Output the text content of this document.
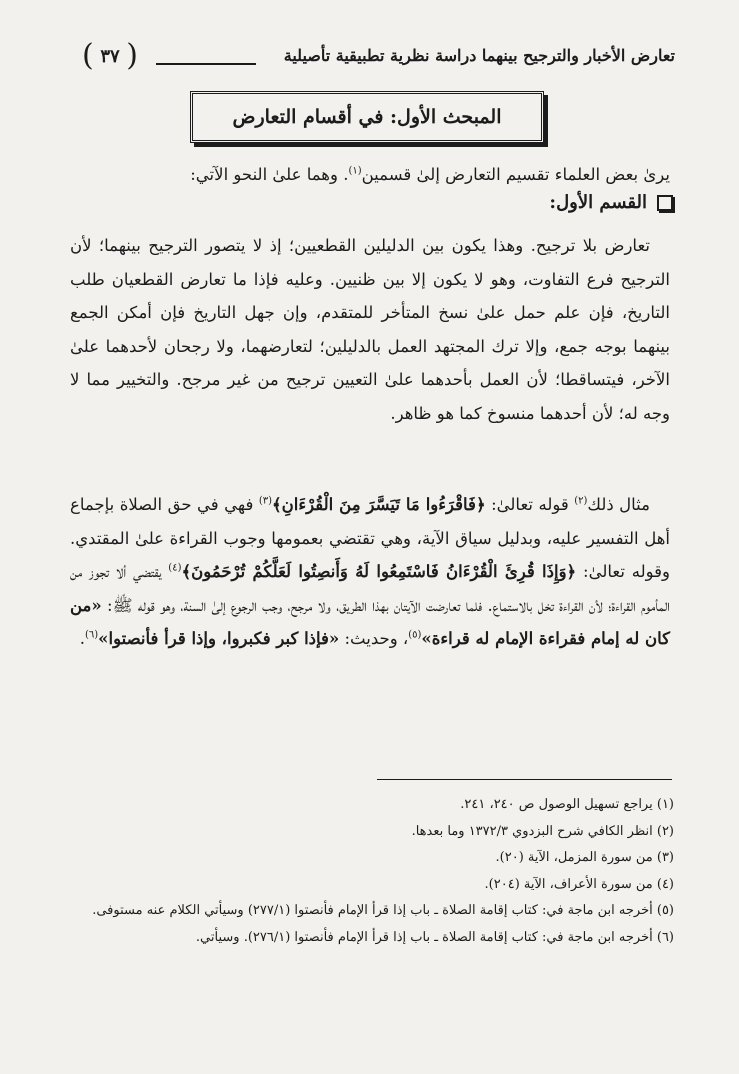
( ٣٧ )	تعارض الأخبار والترجيح بينهما دراسة نظرية تطبيقية تأصيلية
المبحث الأول: في أقسام التعارض
يرىٰ بعض العلماء تقسيم التعارض إلىٰ قسمين$^{(١)}$. وهما علىٰ النحو الآتي:
القسم الأول:
تعارض بلا ترجيح. وهذا يكون بين الدليلين القطعيين؛ إذ لا يتصور الترجيح بينهما؛ لأن الترجيح فرع التفاوت، وهو لا يكون إلا بين ظنيين. وعليه فإذا ما تعارض القطعيان طلب التاريخ، فإن علم حمل علىٰ نسخ المتأخر للمتقدم، وإن جهل التاريخ فإن أمكن الجمع بينهما بوجه جمع، وإلا ترك المجتهد العمل بالدليلين؛ لتعارضهما، ولا رجحان لأحدهما علىٰ الآخر، فيتساقطا؛ لأن العمل بأحدهما علىٰ التعيين ترجيح من غير مرجح. والتخيير مما لا وجه له؛ لأن أحدهما منسوخ كما هو ظاهر.
مثال ذلك$^{(٢)}$ قوله تعالىٰ: ﴿فَاقْرَءُوا مَا تَيَسَّرَ مِنَ الْقُرْءَانِ﴾$^{(٣)}$ فهي في حق الصلاة بإجماع أهل التفسير عليه، وبدليل سياق الآية، وهي تقتضي بعمومها وجوب القراءة علىٰ المقتدي. وقوله تعالىٰ: ﴿وَإِذَا قُرِئَ الْقُرْءَانُ فَاسْتَمِعُوا لَهُ وَأَنصِتُوا لَعَلَّكُمْ تُرْحَمُونَ﴾$^{(٤)}$ يقتضي ألا تجوز من المأموم القراءة؛ لأن القراءة تخل بالاستماع. فلما تعارضت الآيتان بهذا الطريق، ولا مرجح، وجب الرجوع إلىٰ السنة، وهو قوله ﷺ: «من كان له إمام فقراءة الإمام له قراءة»$^{(٥)}$، وحديث: «فإذا كبر فكبروا، وإذا قرأ فأنصتوا»$^{(٦)}$.

(١) يراجع تسهيل الوصول ص ٢٤٠، ٢٤١.

(٢) انظر الكافي شرح البزدوي ١٣٧٢/٣ وما بعدها.

(٣) من سورة المزمل، الآية (٢٠).

(٤) من سورة الأعراف، الآية (٢٠٤).

(٥) أخرجه ابن ماجة في: كتاب إقامة الصلاة ـ باب إذا قرأ الإمام فأنصتوا (٢٧٧/١) وسيأتي الكلام عنه مستوفى.

(٦) أخرجه ابن ماجة في: كتاب إقامة الصلاة ـ باب إذا قرأ الإمام فأنصتوا (٢٧٦/١). وسيأتي.
